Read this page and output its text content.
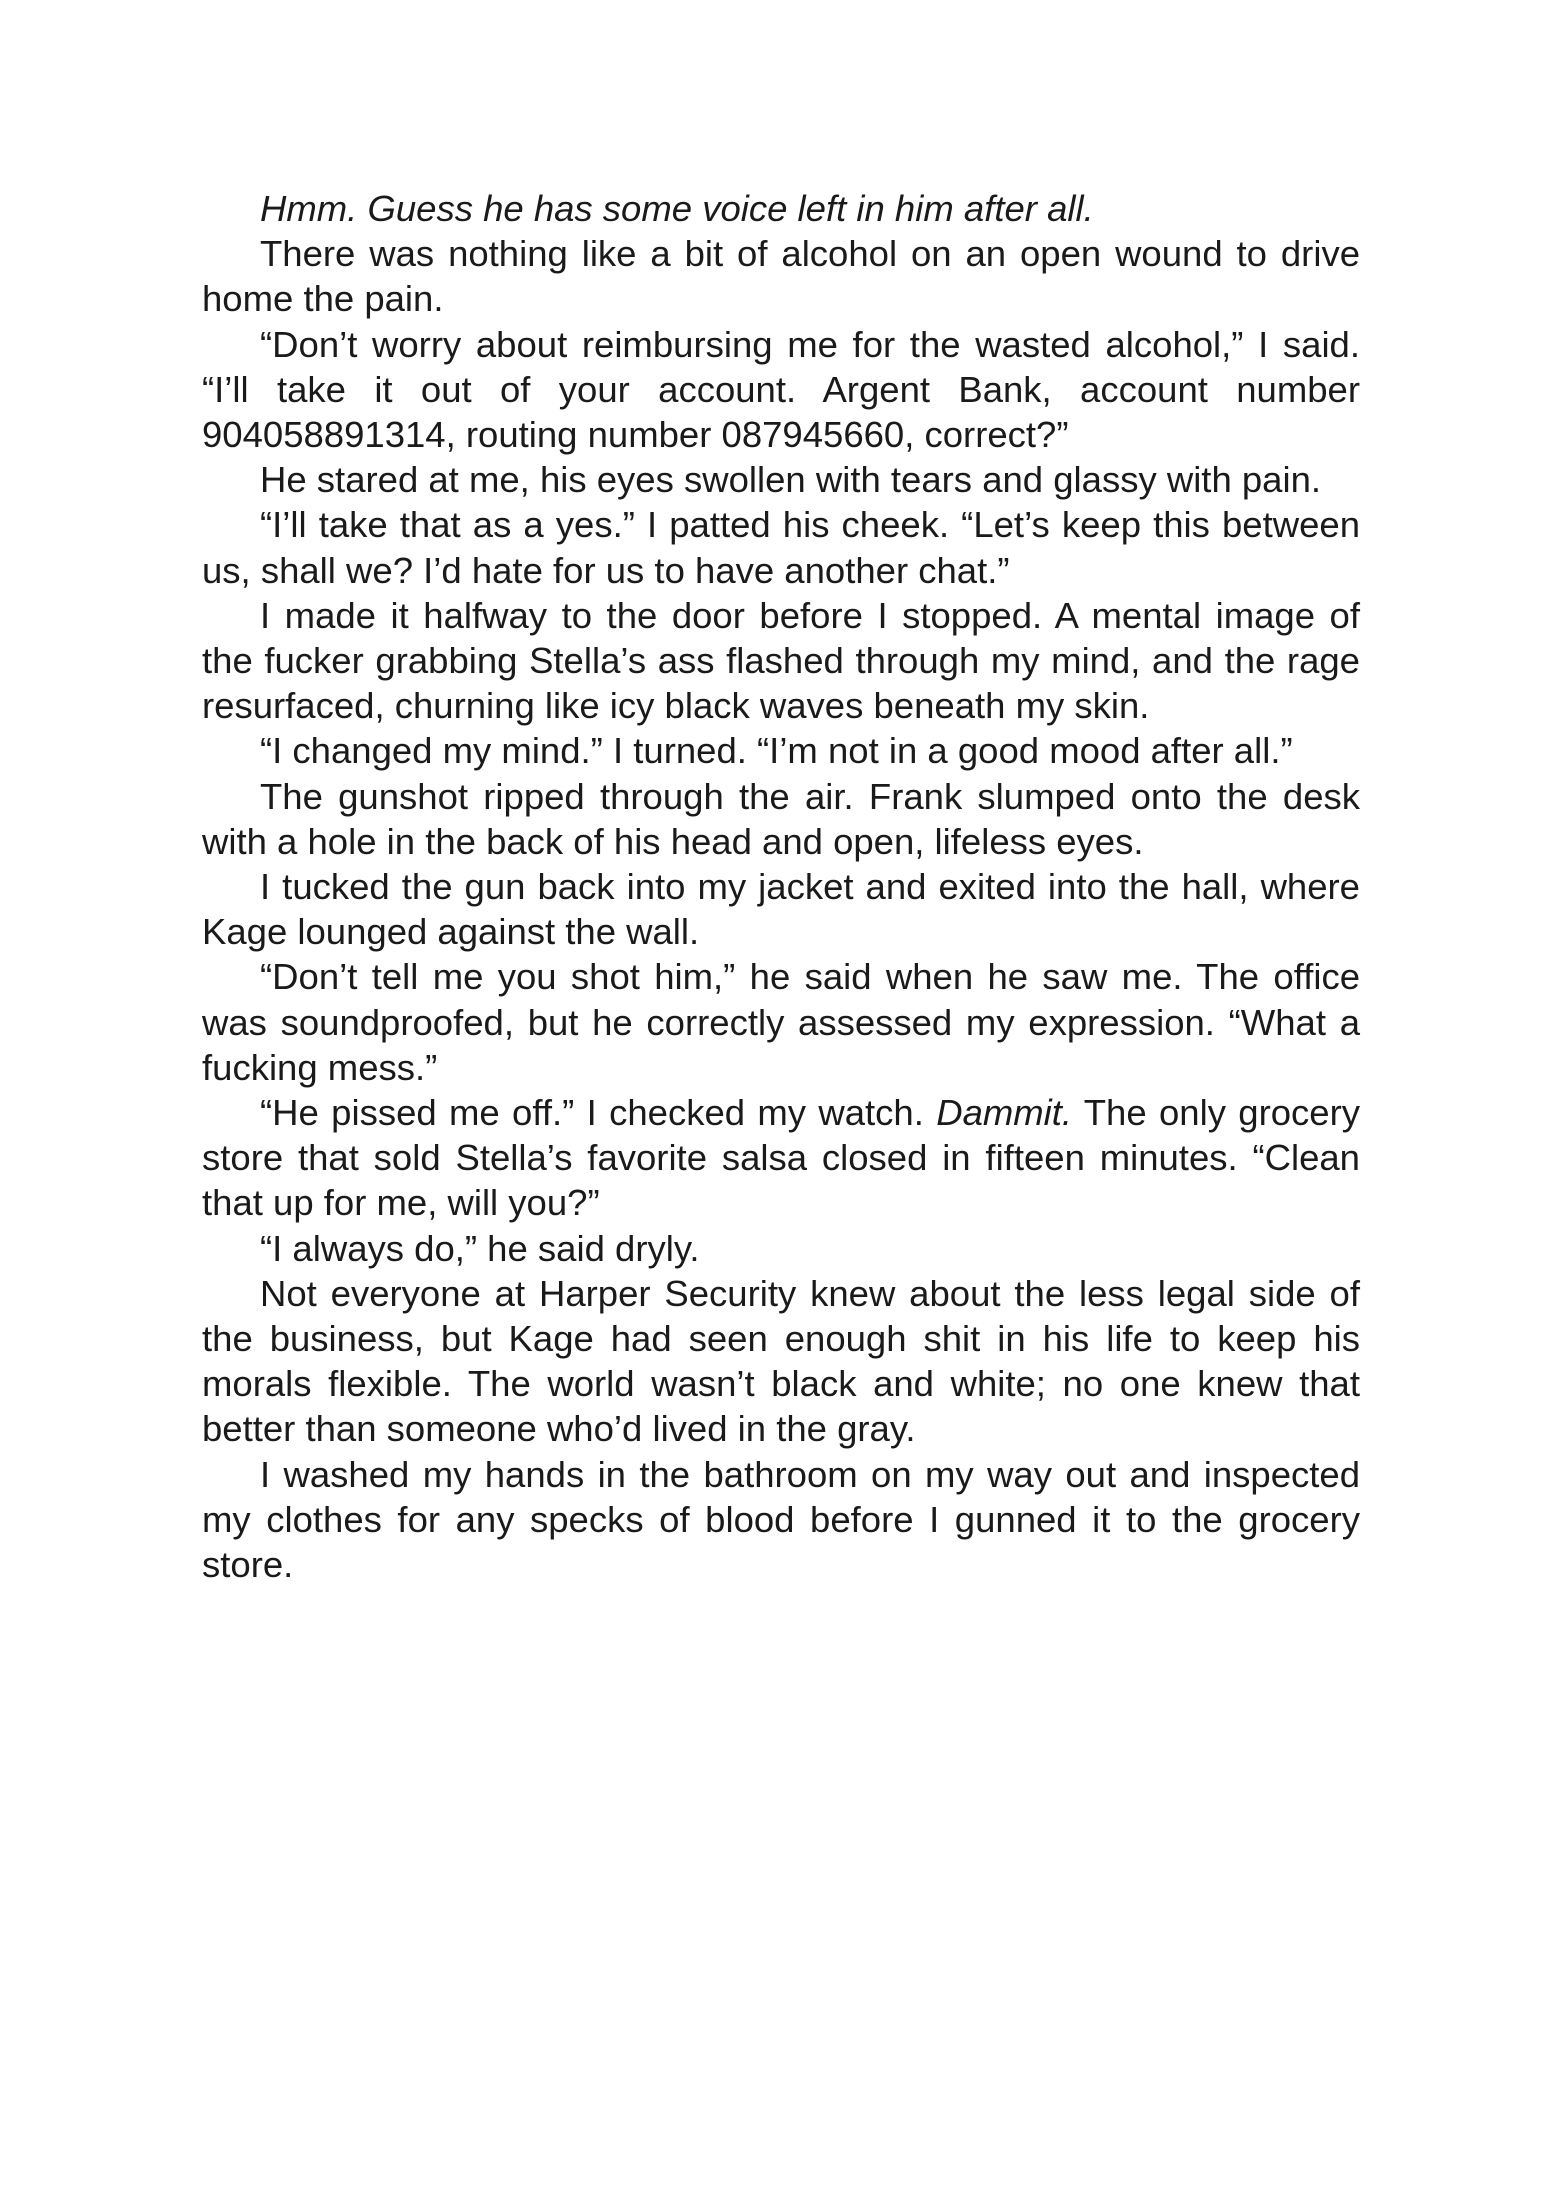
Hmm. Guess he has some voice left in him after all.

There was nothing like a bit of alcohol on an open wound to drive home the pain.

“Don’t worry about reimbursing me for the wasted alcohol,” I said. “I’ll take it out of your account. Argent Bank, account number 904058891314, routing number 087945660, correct?”

He stared at me, his eyes swollen with tears and glassy with pain.

“I’ll take that as a yes.” I patted his cheek. “Let’s keep this between us, shall we? I’d hate for us to have another chat.”

I made it halfway to the door before I stopped. A mental image of the fucker grabbing Stella’s ass flashed through my mind, and the rage resurfaced, churning like icy black waves beneath my skin.

“I changed my mind.” I turned. “I’m not in a good mood after all.”

The gunshot ripped through the air. Frank slumped onto the desk with a hole in the back of his head and open, lifeless eyes.

I tucked the gun back into my jacket and exited into the hall, where Kage lounged against the wall.

“Don’t tell me you shot him,” he said when he saw me. The office was soundproofed, but he correctly assessed my expression. “What a fucking mess.”

“He pissed me off.” I checked my watch. Dammit. The only grocery store that sold Stella’s favorite salsa closed in fifteen minutes. “Clean that up for me, will you?”

“I always do,” he said dryly.

Not everyone at Harper Security knew about the less legal side of the business, but Kage had seen enough shit in his life to keep his morals flexible. The world wasn’t black and white; no one knew that better than someone who’d lived in the gray.

I washed my hands in the bathroom on my way out and inspected my clothes for any specks of blood before I gunned it to the grocery store.
